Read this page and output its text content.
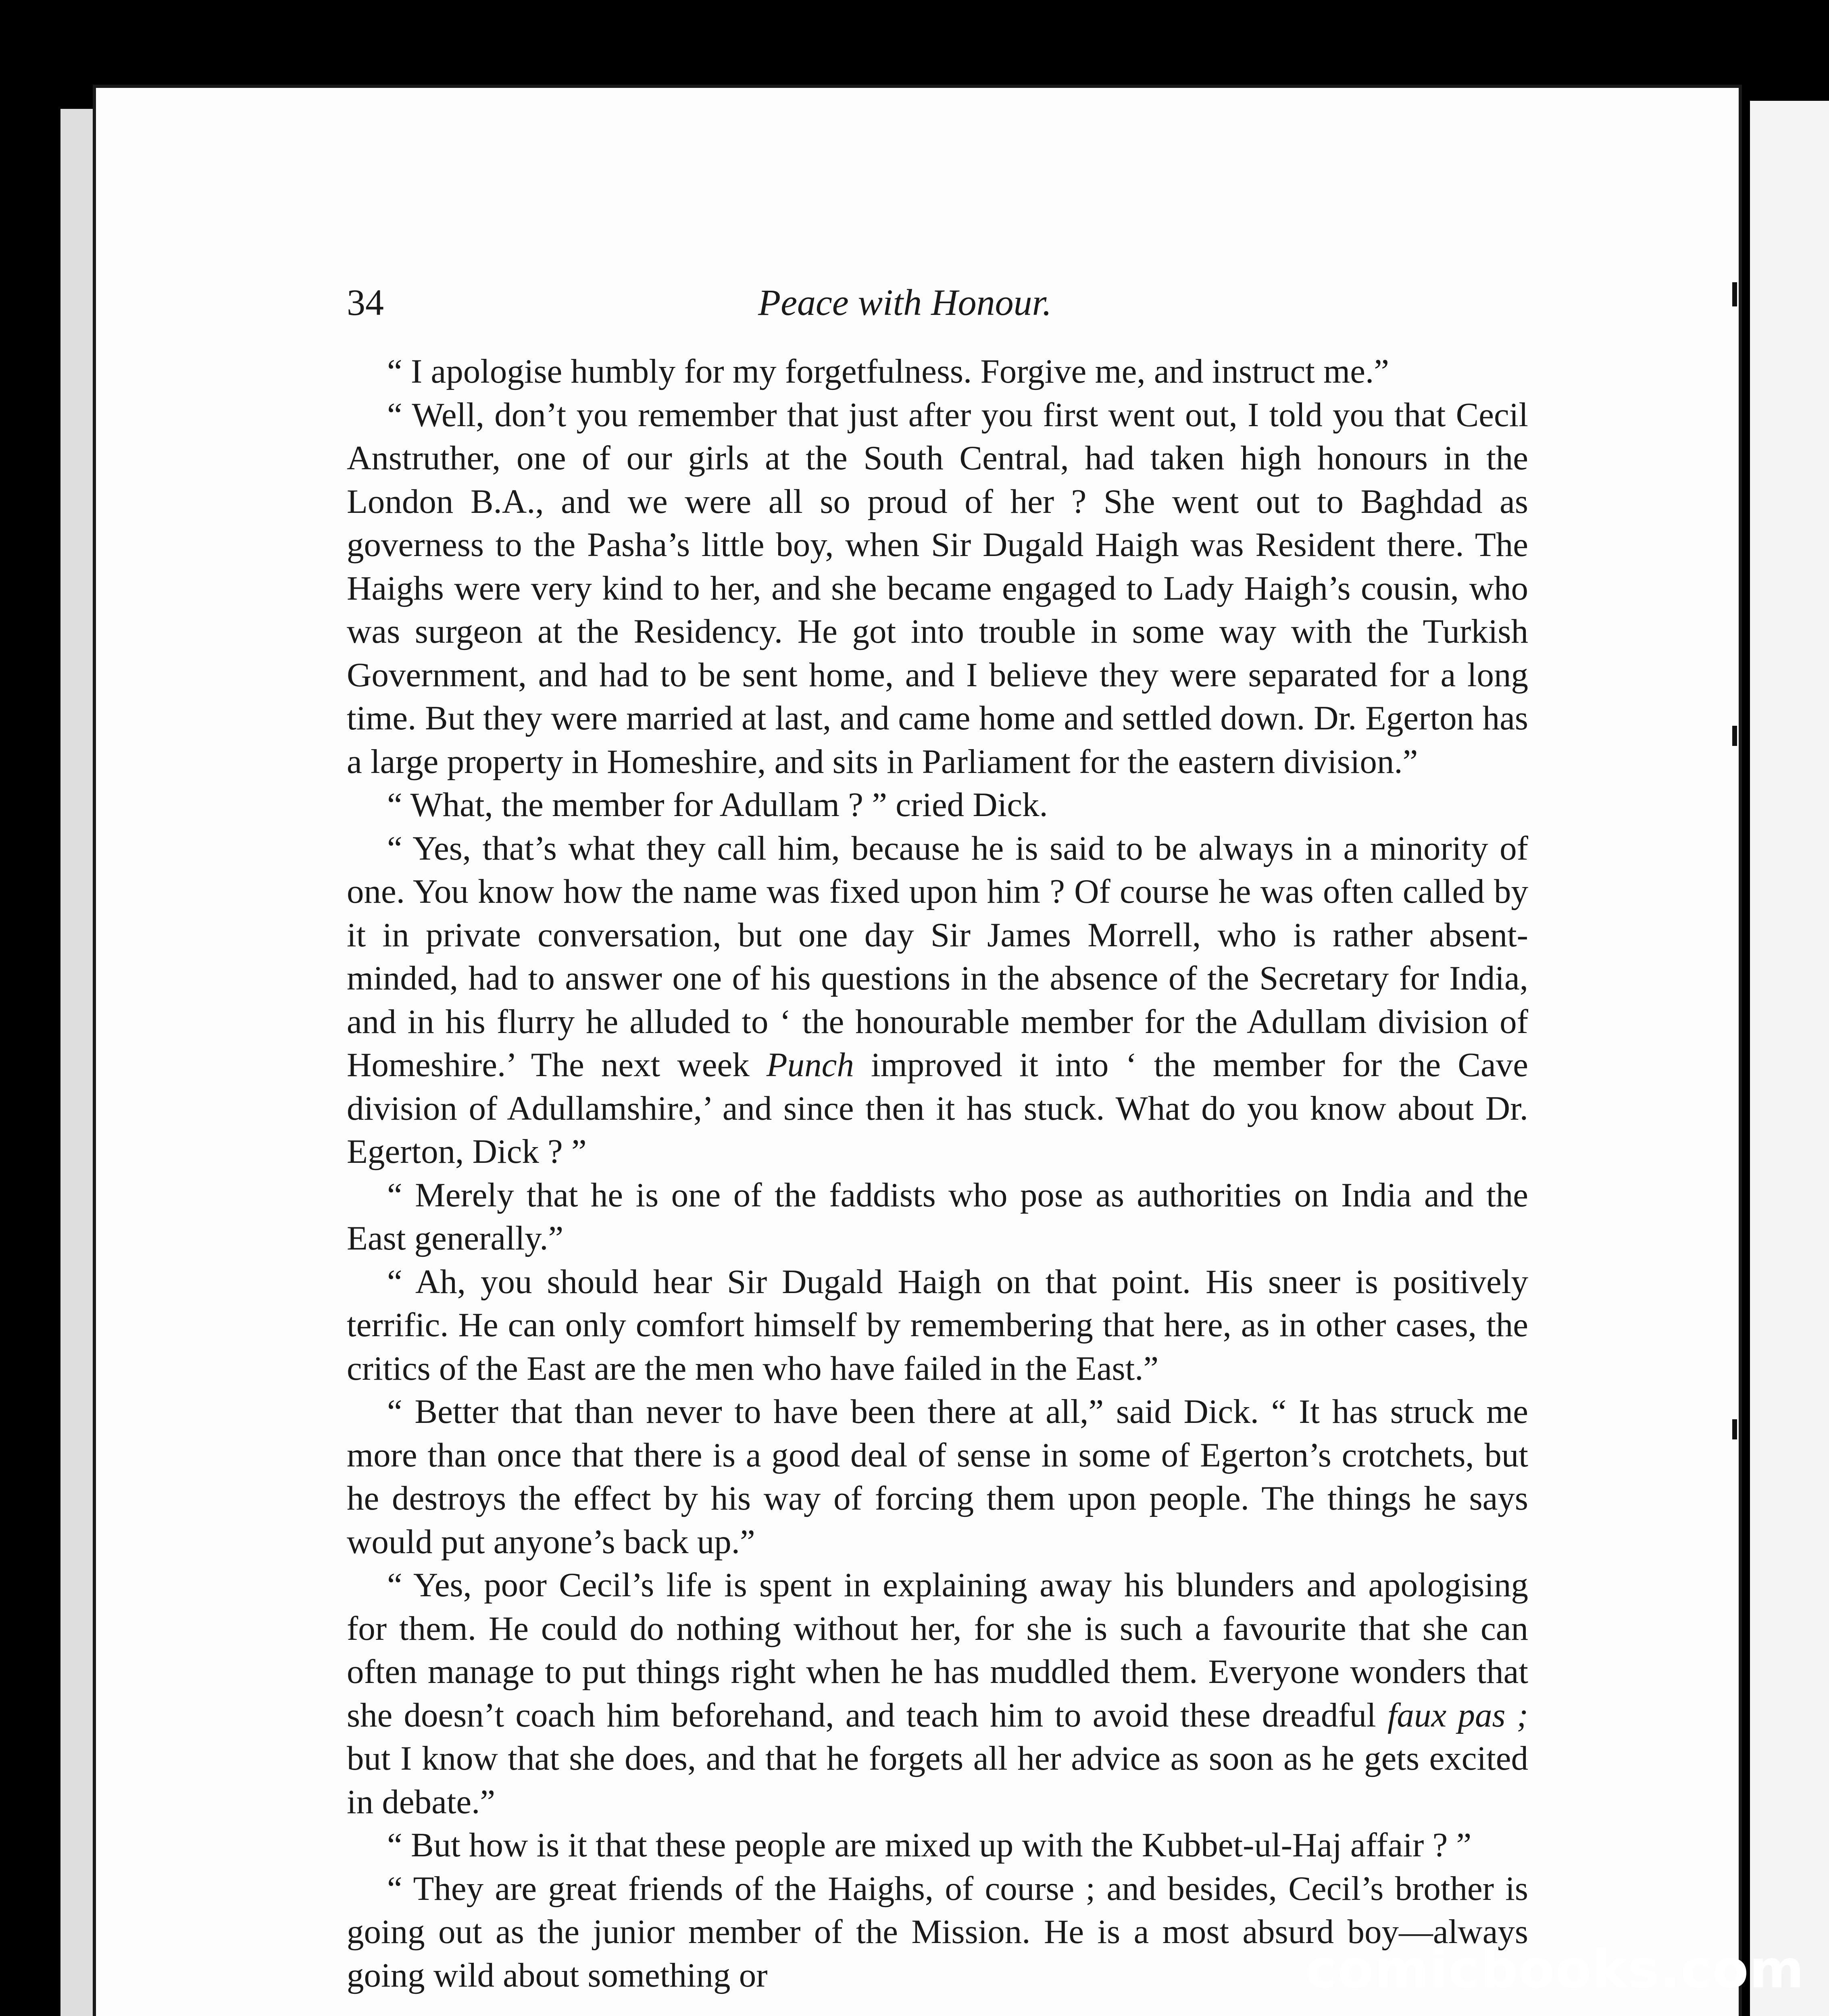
34	Peace with Honour.

“ I apologise humbly for my forgetfulness. Forgive me, and instruct me.”

“ Well, don’t you remember that just after you first went out, I told you that Cecil Anstruther, one of our girls at the South Central, had taken high honours in the London B.A., and we were all so proud of her ? She went out to Baghdad as governess to the Pasha’s little boy, when Sir Dugald Haigh was Resident there. The Haighs were very kind to her, and she became engaged to Lady Haigh’s cousin, who was surgeon at the Residency. He got into trouble in some way with the Turkish Government, and had to be sent home, and I believe they were separated for a long time. But they were married at last, and came home and settled down. Dr. Egerton has a large property in Homeshire, and sits in Parliament for the eastern division.”

“ What, the member for Adullam ? ” cried Dick.

“ Yes, that’s what they call him, because he is said to be always in a minority of one. You know how the name was fixed upon him ? Of course he was often called by it in private conversation, but one day Sir James Morrell, who is rather absent-minded, had to answer one of his questions in the absence of the Secretary for India, and in his flurry he alluded to ‘ the honourable member for the Adullam division of Homeshire.’ The next week Punch improved it into ‘ the member for the Cave division of Adullamshire,’ and since then it has stuck. What do you know about Dr. Egerton, Dick ? ”

“ Merely that he is one of the faddists who pose as authorities on India and the East generally.”

“ Ah, you should hear Sir Dugald Haigh on that point. His sneer is positively terrific. He can only comfort himself by remembering that here, as in other cases, the critics of the East are the men who have failed in the East.”

“ Better that than never to have been there at all,” said Dick. “ It has struck me more than once that there is a good deal of sense in some of Egerton’s crotchets, but he destroys the effect by his way of forcing them upon people. The things he says would put anyone’s back up.”

“ Yes, poor Cecil’s life is spent in explaining away his blunders and apologising for them. He could do nothing without her, for she is such a favourite that she can often manage to put things right when he has muddled them. Everyone wonders that she doesn’t coach him beforehand, and teach him to avoid these dreadful faux pas ; but I know that she does, and that he forgets all her advice as soon as he gets excited in debate.”

“ But how is it that these people are mixed up with the Kubbet-ul-Haj affair ? ”

“ They are great friends of the Haighs, of course ; and besides, Cecil’s brother is going out as the junior member of the Mission. He is a most absurd boy—always going wild about something or	comicbooks.com
